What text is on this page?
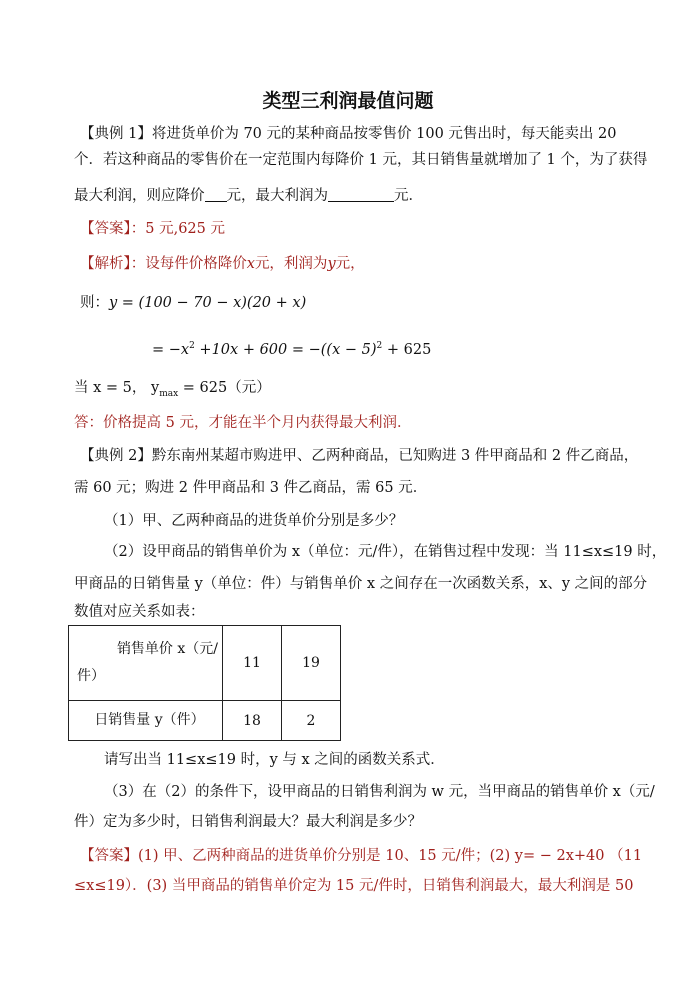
类型三利润最值问题
【典例 1】将进货单价为 70 元的某种商品按零售价 100 元售出时，每天能卖出 20
个．若这种商品的零售价在一定范围内每降价 1 元，其日销售量就增加了 1 个，为了获得
最大利润，则应降价 元，最大利润为	元．
【答案】：5 元,625 元
【解析】：设每件价格降价x元，利润为y元，
则：y = (100 − 70 − x)(20 + x)
= $-x^2 +10x + 600 = -((x - 5)^2 + 625$
当 x = 5， $y_{max} = 625$（元）
答：价格提高 5 元，才能在半个月内获得最大利润．
【典例 2】黔东南州某超市购进甲、乙两种商品，已知购进 3 件甲商品和 2 件乙商品，
需 60 元；购进 2 件甲商品和 3 件乙商品，需 65 元．
（1）甲、乙两种商品的进货单价分别是多少？
（2）设甲商品的销售单价为 x（单位：元/件），在销售过程中发现：当 11≤x≤19 时，
甲商品的日销售量 y（单位：件）与销售单价 x 之间存在一次函数关系，x、y 之间的部分
数值对应关系如表：
销售单价 x（元/
件）	11	19
日销售量 y（件）	18	2
请写出当 11≤x≤19 时，y 与 x 之间的函数关系式．
（3）在（2）的条件下，设甲商品的日销售利润为 w 元，当甲商品的销售单价 x（元/
件）定为多少时，日销售利润最大？最大利润是多少？
【答案】(1) 甲、乙两种商品的进货单价分别是 10、15 元/件；(2) y= − 2x+40 （11
≤x≤19）．(3) 当甲商品的销售单价定为 15 元/件时，日销售利润最大，最大利润是 50
